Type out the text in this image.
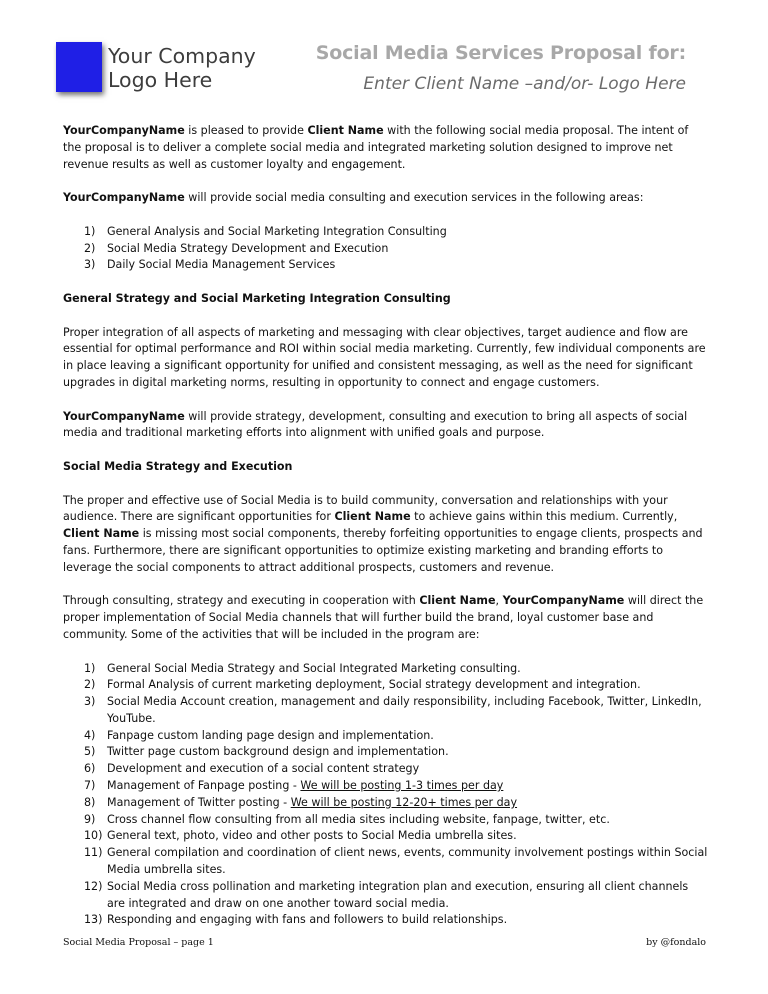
Your Company
Logo Here
Social Media Services Proposal for:
Enter Client Name –and/or- Logo Here

YourCompanyName is pleased to provide Client Name with the following social media proposal. The intent of the proposal is to deliver a complete social media and integrated marketing solution designed to improve net revenue results as well as customer loyalty and engagement.

YourCompanyName will provide social media consulting and execution services in the following areas:

1) General Analysis and Social Marketing Integration Consulting
2) Social Media Strategy Development and Execution
3) Daily Social Media Management Services
General Strategy and Social Marketing Integration Consulting

Proper integration of all aspects of marketing and messaging with clear objectives, target audience and flow are essential for optimal performance and ROI within social media marketing. Currently, few individual components are in place leaving a significant opportunity for unified and consistent messaging, as well as the need for significant upgrades in digital marketing norms, resulting in opportunity to connect and engage customers.

YourCompanyName will provide strategy, development, consulting and execution to bring all aspects of social media and traditional marketing efforts into alignment with unified goals and purpose.

Social Media Strategy and Execution

The proper and effective use of Social Media is to build community, conversation and relationships with your audience. There are significant opportunities for Client Name to achieve gains within this medium. Currently, Client Name is missing most social components, thereby forfeiting opportunities to engage clients, prospects and fans. Furthermore, there are significant opportunities to optimize existing marketing and branding efforts to leverage the social components to attract additional prospects, customers and revenue.

Through consulting, strategy and executing in cooperation with Client Name, YourCompanyName will direct the proper implementation of Social Media channels that will further build the brand, loyal customer base and community. Some of the activities that will be included in the program are:

1) General Social Media Strategy and Social Integrated Marketing consulting.
2) Formal Analysis of current marketing deployment, Social strategy development and integration.
3) Social Media Account creation, management and daily responsibility, including Facebook, Twitter, LinkedIn, YouTube.
4) Fanpage custom landing page design and implementation.
5) Twitter page custom background design and implementation.
6) Development and execution of a social content strategy
7) Management of Fanpage posting - We will be posting 1-3 times per day
8) Management of Twitter posting - We will be posting 12-20+ times per day
9) Cross channel flow consulting from all media sites including website, fanpage, twitter, etc.
10) General text, photo, video and other posts to Social Media umbrella sites.
11) General compilation and coordination of client news, events, community involvement postings within Social Media umbrella sites.
12) Social Media cross pollination and marketing integration plan and execution, ensuring all client channels are integrated and draw on one another toward social media.
13) Responding and engaging with fans and followers to build relationships.
Social Media Proposal – page 1	by @fondalo
